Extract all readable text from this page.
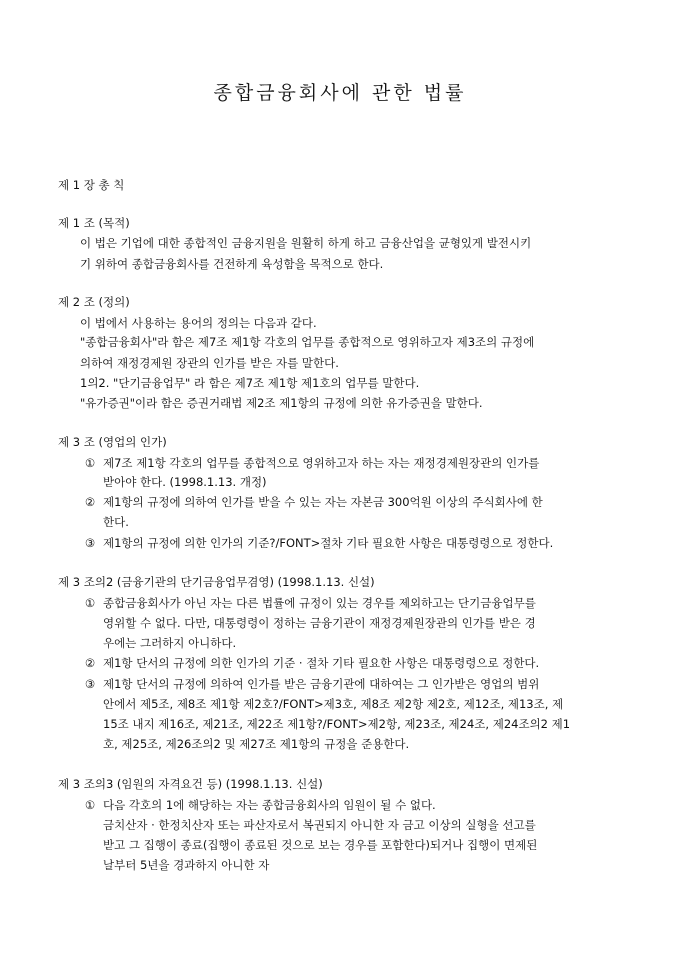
종합금융회사에 관한 법률
제 1 장 총 칙
제 1 조 (목적)
이 법은 기업에 대한 종합적인 금융지원을 원활히 하게 하고 금융산업을 균형있게 발전시키
기 위하여 종합금융회사를 건전하게 육성함을 목적으로 한다.
제 2 조 (정의)
이 법에서 사용하는 용어의 정의는 다음과 같다.
"종합금융회사"라 함은 제7조 제1항 각호의 업무를 종합적으로 영위하고자 제3조의 규정에
의하여 재정경제원 장관의 인가를 받은 자를 말한다.
1의2. "단기금융업무" 라 함은 제7조 제1항 제1호의 업무를 말한다.
"유가증권"이라 함은 증권거래법 제2조 제1항의 규정에 의한 유가증권을 말한다.
제 3 조 (영업의 인가)
① 제7조 제1항 각호의 업무를 종합적으로 영위하고자 하는 자는 재정경제원장관의 인가를
받아야 한다. (1998.1.13. 개정)
② 제1항의 규정에 의하여 인가를 받을 수 있는 자는 자본금 300억원 이상의 주식회사에 한
한다.
③ 제1항의 규정에 의한 인가의 기준?/FONT>절차 기타 필요한 사항은 대통령령으로 정한다.
제 3 조의2 (금융기관의 단기금융업무겸영) (1998.1.13. 신설)
① 종합금융회사가 아닌 자는 다른 법률에 규정이 있는 경우를 제외하고는 단기금융업무를
영위할 수 없다. 다만, 대통령령이 정하는 금융기관이 재정경제원장관의 인가를 받은 경
우에는 그러하지 아니하다.
② 제1항 단서의 규정에 의한 인가의 기준 · 절차 기타 필요한 사항은 대통령령으로 정한다.
③ 제1항 단서의 규정에 의하여 인가를 받은 금융기관에 대하여는 그 인가받은 영업의 범위
안에서 제5조, 제8조 제1항 제2호?/FONT>제3호, 제8조 제2항 제2호, 제12조, 제13조, 제
15조 내지 제16조, 제21조, 제22조 제1항?/FONT>제2항, 제23조, 제24조, 제24조의2 제1
호, 제25조, 제26조의2 및 제27조 제1항의 규정을 준용한다.
제 3 조의3 (임원의 자격요건 등) (1998.1.13. 신설)
① 다음 각호의 1에 해당하는 자는 종합금융회사의 임원이 될 수 없다.
금치산자 · 한정치산자 또는 파산자로서 복권되지 아니한 자 금고 이상의 실형을 선고를
받고 그 집행이 종료(집행이 종료된 것으로 보는 경우를 포함한다)되거나 집행이 면제된
날부터 5년을 경과하지 아니한 자
